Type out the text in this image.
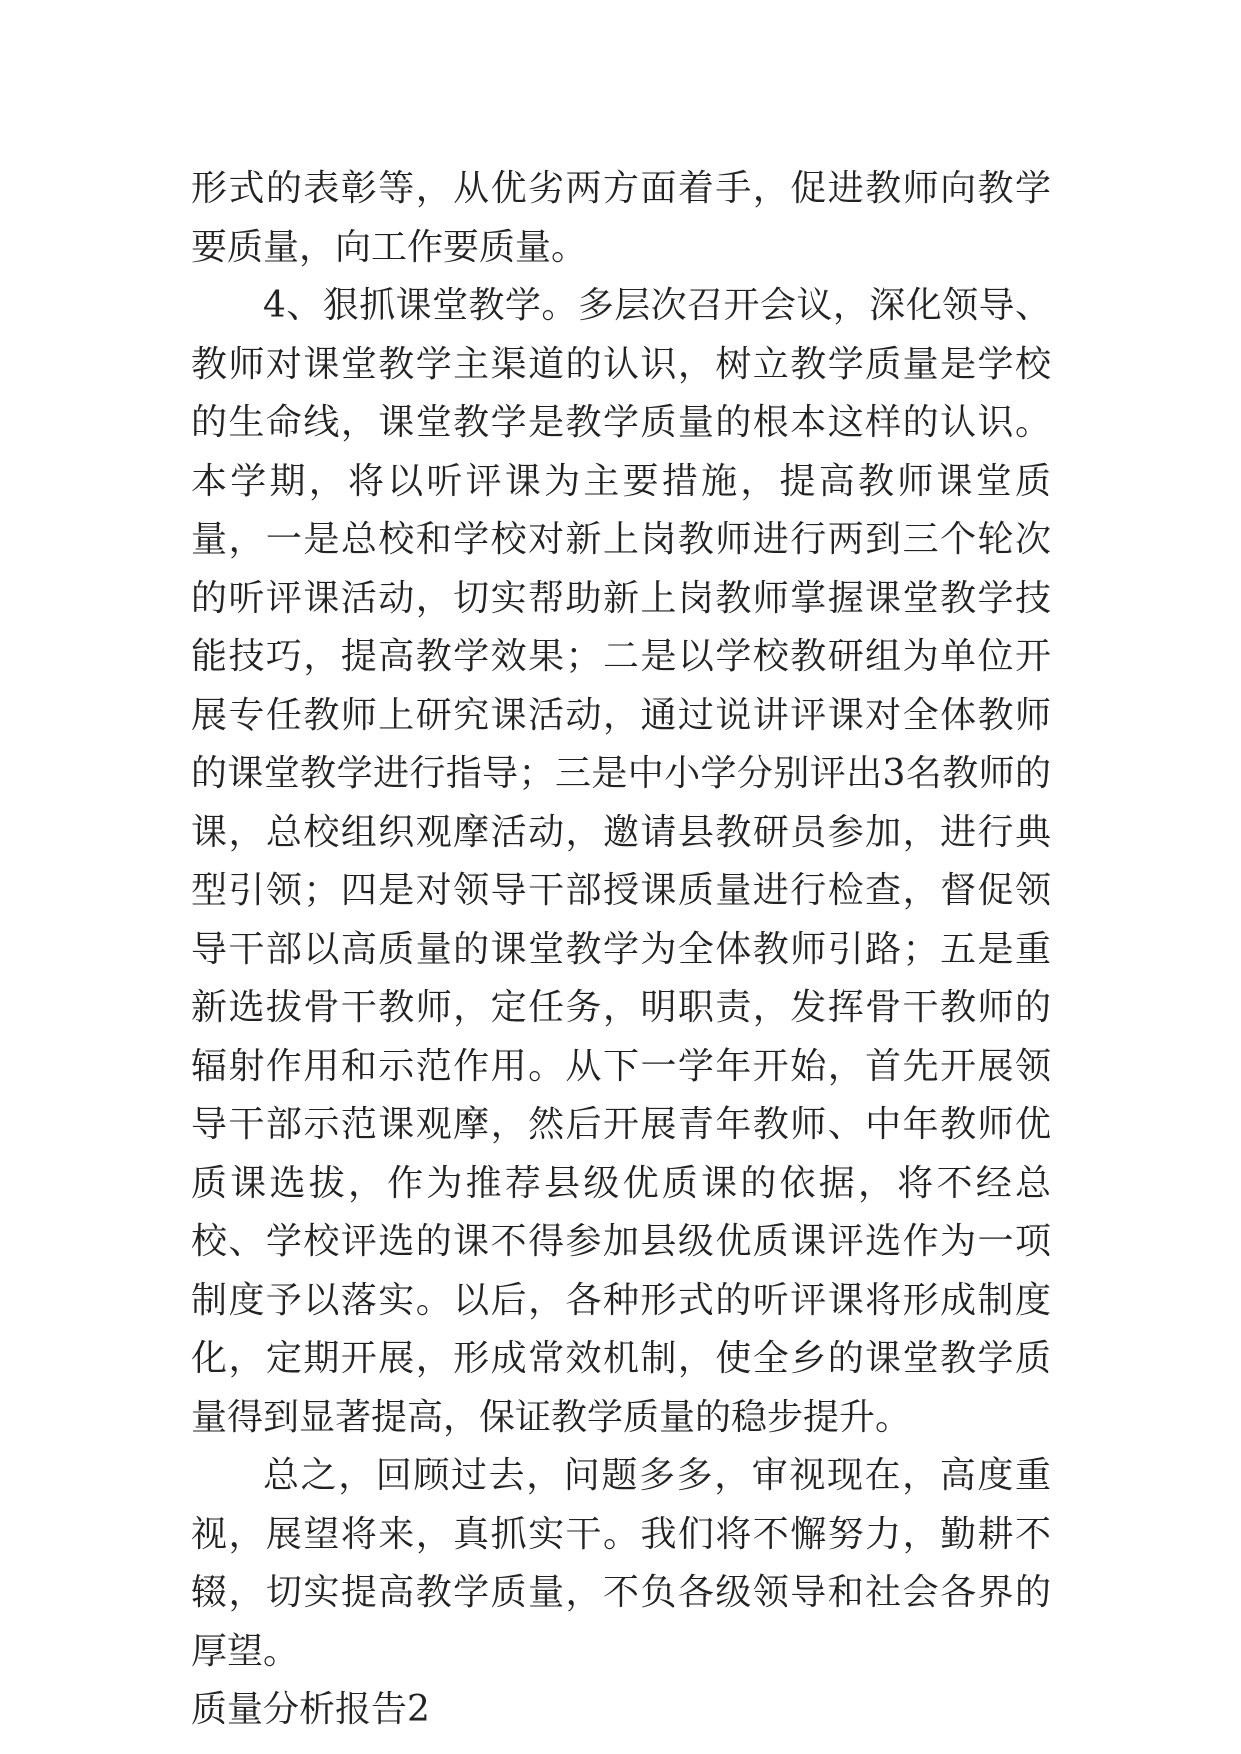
形式的表彰等，从优劣两方面着手，促进教师向教学要质量，向工作要质量。

4、狠抓课堂教学。多层次召开会议，深化领导、教师对课堂教学主渠道的认识，树立教学质量是学校的生命线，课堂教学是教学质量的根本这样的认识。本学期，将以听评课为主要措施，提高教师课堂质量，一是总校和学校对新上岗教师进行两到三个轮次的听评课活动，切实帮助新上岗教师掌握课堂教学技能技巧，提高教学效果；二是以学校教研组为单位开展专任教师上研究课活动，通过说讲评课对全体教师的课堂教学进行指导；三是中小学分别评出3名教师的课，总校组织观摩活动，邀请县教研员参加，进行典型引领；四是对领导干部授课质量进行检查，督促领导干部以高质量的课堂教学为全体教师引路；五是重新选拔骨干教师，定任务，明职责，发挥骨干教师的辐射作用和示范作用。从下一学年开始，首先开展领导干部示范课观摩，然后开展青年教师、中年教师优质课选拔，作为推荐县级优质课的依据，将不经总校、学校评选的课不得参加县级优质课评选作为一项制度予以落实。以后，各种形式的听评课将形成制度化，定期开展，形成常效机制，使全乡的课堂教学质量得到显著提高，保证教学质量的稳步提升。

总之，回顾过去，问题多多，审视现在，高度重视，展望将来，真抓实干。我们将不懈努力，勤耕不辍，切实提高教学质量，不负各级领导和社会各界的厚望。

质量分析报告2
